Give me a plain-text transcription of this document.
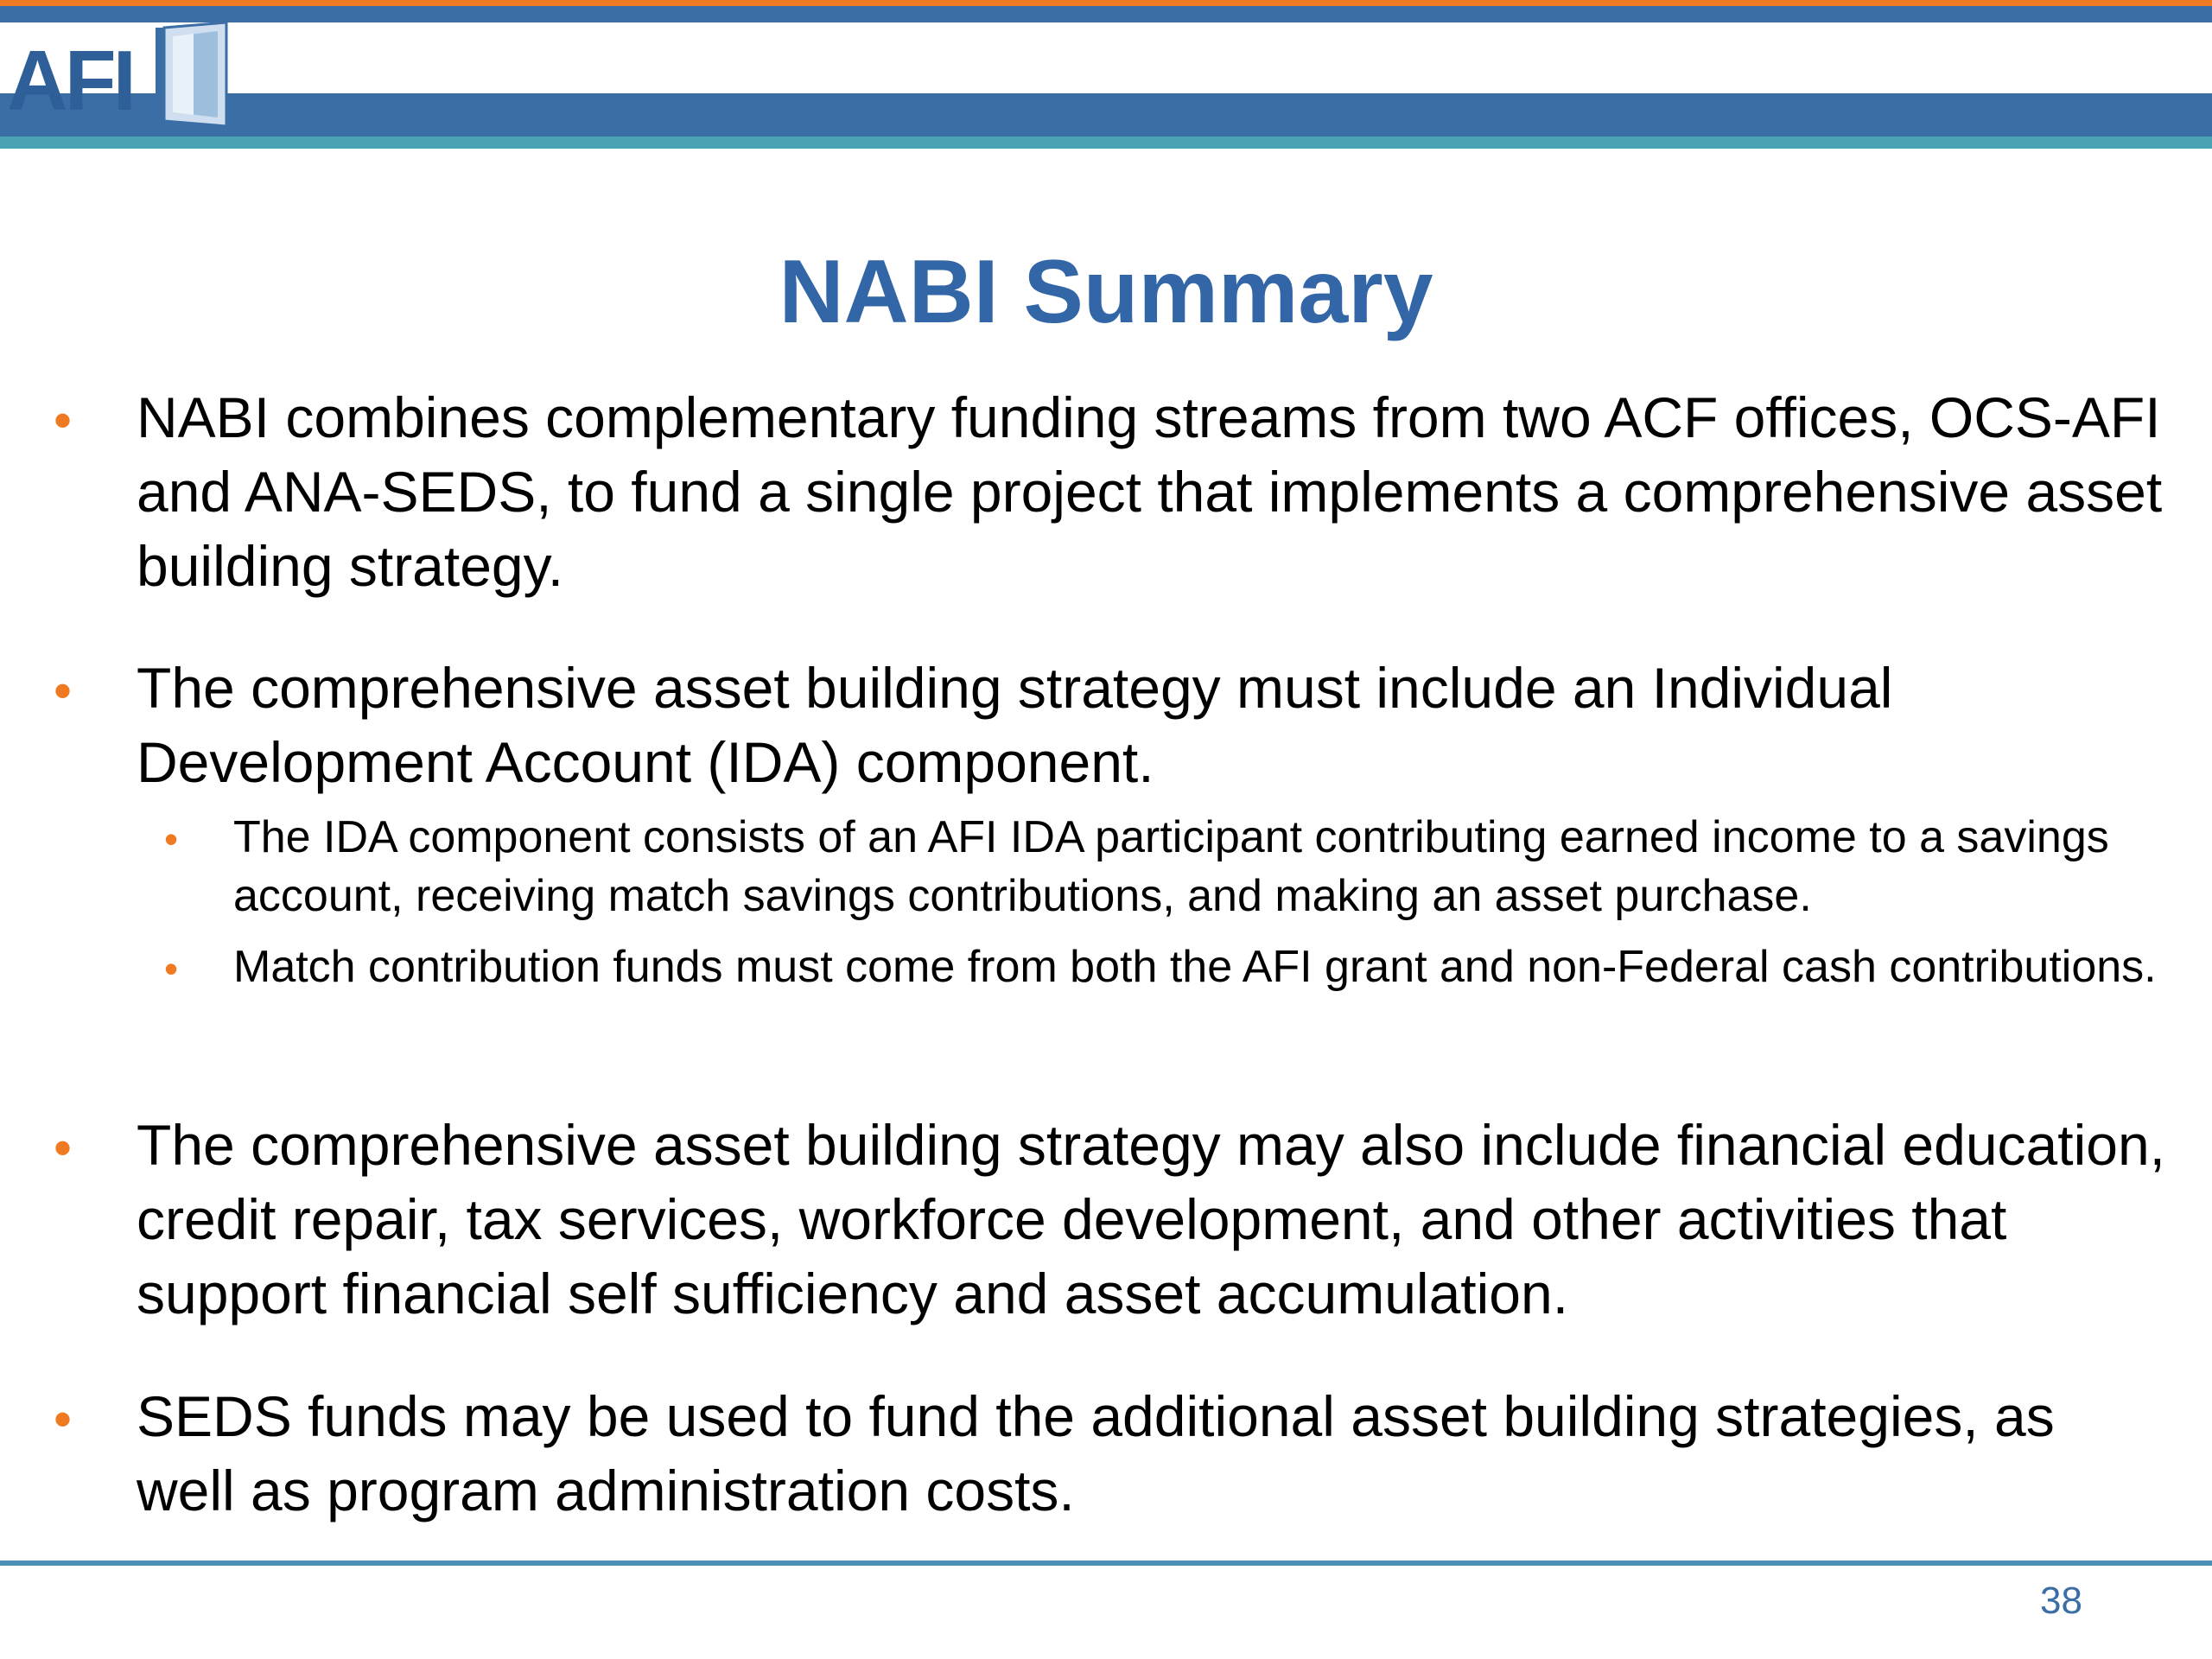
AFI
NABI Summary
• NABI combines complementary funding streams from two ACF offices, OCS-AFI and ANA-SEDS, to fund a single project that implements a comprehensive asset building strategy.
• The comprehensive asset building strategy must include an Individual Development Account (IDA) component.
• The IDA component consists of an AFI IDA participant contributing earned income to a savings account, receiving match savings contributions, and making an asset purchase.
• Match contribution funds must come from both the AFI grant and non-Federal cash contributions.
• The comprehensive asset building strategy may also include financial education, credit repair, tax services, workforce development, and other activities that support financial self sufficiency and asset accumulation.
• SEDS funds may be used to fund the additional asset building strategies, as well as program administration costs.
38
